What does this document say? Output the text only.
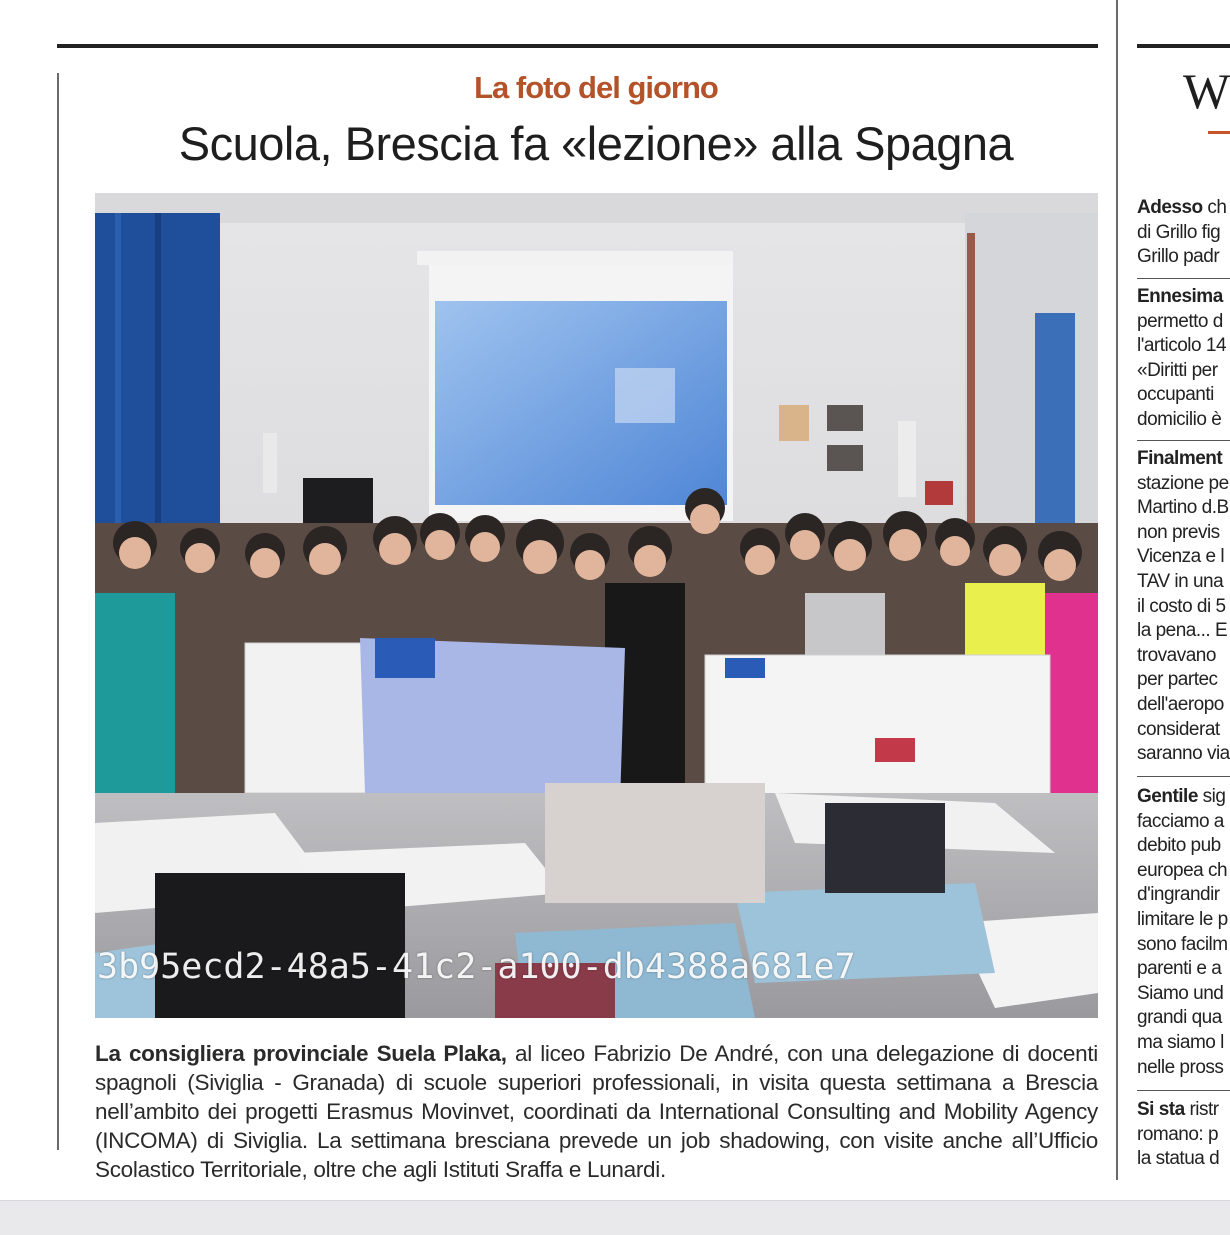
La foto del giorno
Scuola, Brescia fa «lezione» alla Spagna
3b95ecd2-48a5-41c2-a100-db4388a681e7
La consigliera provinciale Suela Plaka, al liceo Fabrizio De André, con una delegazione di docenti spagnoli (Siviglia - Granada) di scuole superiori professionali, in visita questa settimana a Brescia nell’ambito dei progetti Erasmus Movinvet, coordinati da International Consulting and Mobility Agency (INCOMA) di Siviglia. La settimana bresciana prevede un job shadowing, con visite anche all’Ufficio Scolastico Territoriale, oltre che agli Istituti Sraffa e Lunardi.
W
Adesso ch
di Grillo fig
Grillo padr
Ennesima
permetto d
l'articolo 14
«Diritti per
occupanti
domicilio è
Finalment
stazione pe
Martino d.B
non previs
Vicenza e l
TAV in una
il costo di 5
la pena... E
trovavano
per partec
dell'aeropo
considerat
saranno via
Gentile sig
facciamo a
debito pub
europea ch
d'ingrandir
limitare le p
sono facilm
parenti e a
Siamo und
grandi qua
ma siamo l
nelle pross
Si sta ristr
romano: p
la statua d
